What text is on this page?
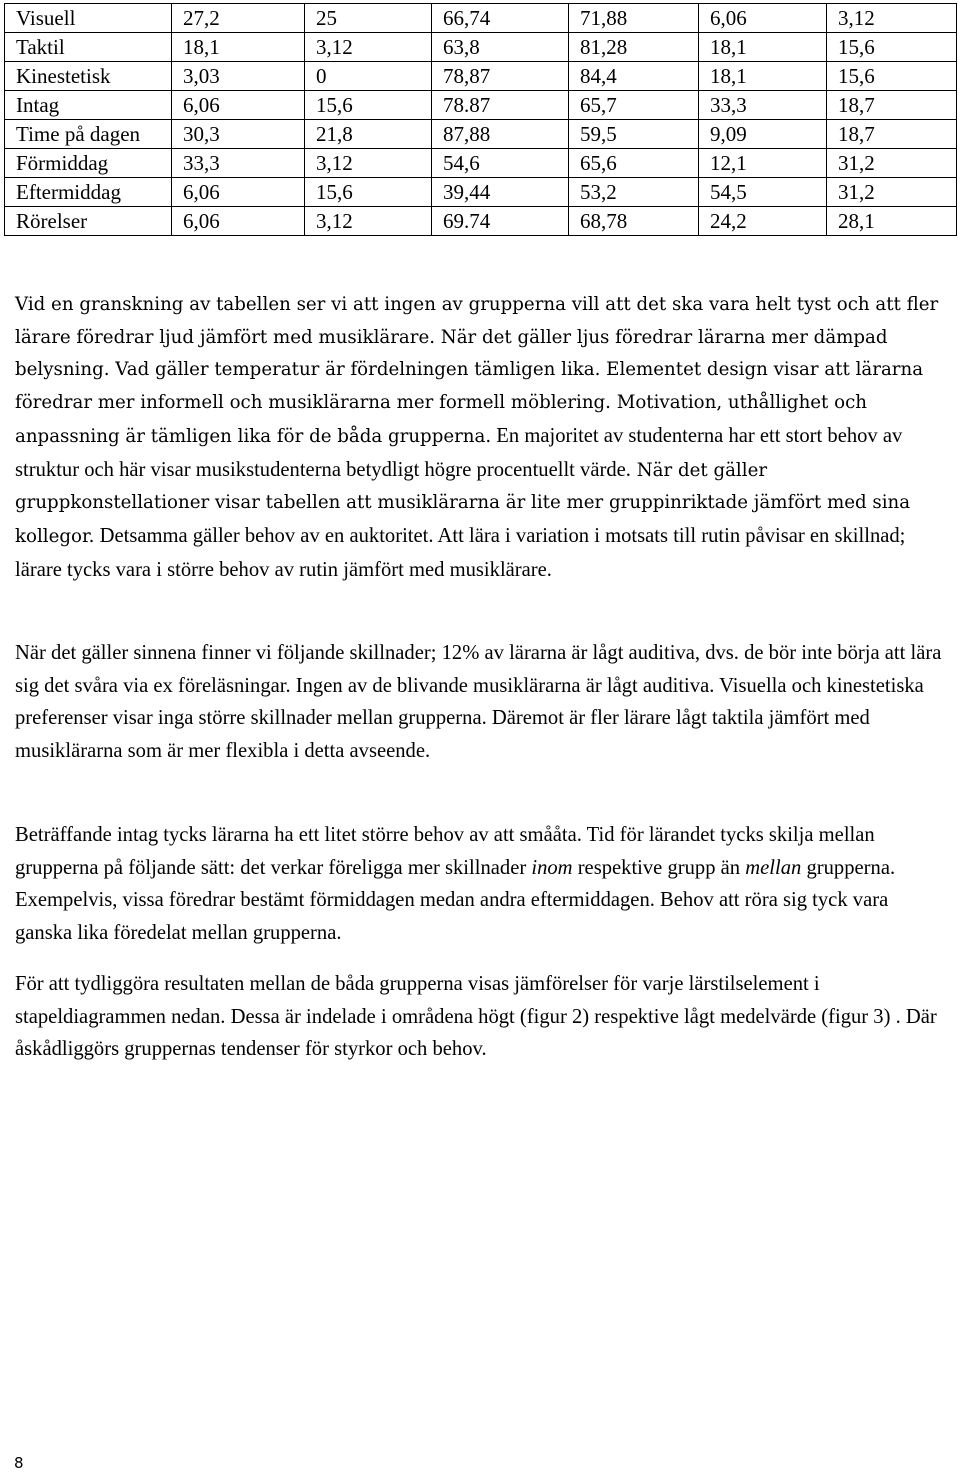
Visuell	27,2	25	66,74	71,88	6,06	3,12
Taktil	18,1	3,12	63,8	81,28	18,1	15,6
Kinestetisk	3,03	0	78,87	84,4	18,1	15,6
Intag	6,06	15,6	78.87	65,7	33,3	18,7
Time på dagen	30,3	21,8	87,88	59,5	9,09	18,7
Förmiddag	33,3	3,12	54,6	65,6	12,1	31,2
Eftermiddag	6,06	15,6	39,44	53,2	54,5	31,2
Rörelser	6,06	3,12	69.74	68,78	24,2	28,1

Vid en granskning av tabellen ser vi att ingen av grupperna vill att det ska vara helt tyst och att fler lärare föredrar ljud jämfört med musiklärare. När det gäller ljus föredrar lärarna mer dämpad belysning. Vad gäller temperatur är fördelningen tämligen lika. Elementet design visar att lärarna föredrar mer informell och musiklärarna mer formell möblering. Motivation, uthållighet och anpassning är tämligen lika för de båda grupperna. En majoritet av studenterna har ett stort behov av struktur och här visar musikstudenterna betydligt högre procentuellt värde. När det gäller gruppkonstellationer visar tabellen att musiklärarna är lite mer gruppinriktade jämfört med sina kollegor. Detsamma gäller behov av en auktoritet. Att lära i variation i motsats till rutin påvisar en skillnad; lärare tycks vara i större behov av rutin jämfört med musiklärare.

När det gäller sinnena finner vi följande skillnader; 12% av lärarna är lågt auditiva, dvs. de bör inte börja att lära sig det svåra via ex föreläsningar. Ingen av de blivande musiklärarna är lågt auditiva. Visuella och kinestetiska preferenser visar inga större skillnader mellan grupperna. Däremot är fler lärare lågt taktila jämfört med musiklärarna som är mer flexibla i detta avseende.

Beträffande intag tycks lärarna ha ett litet större behov av att smååta. Tid för lärandet tycks skilja mellan grupperna på följande sätt: det verkar föreligga mer skillnader inom respektive grupp än mellan grupperna. Exempelvis, vissa föredrar bestämt förmiddagen medan andra eftermiddagen. Behov att röra sig tyck vara ganska lika föredelat mellan grupperna.

För att tydliggöra resultaten mellan de båda grupperna visas jämförelser för varje lärstilselement i stapeldiagrammen nedan. Dessa är indelade i områdena högt (figur 2) respektive lågt medelvärde (figur 3) . Där åskådliggörs gruppernas tendenser för styrkor och behov.

8
